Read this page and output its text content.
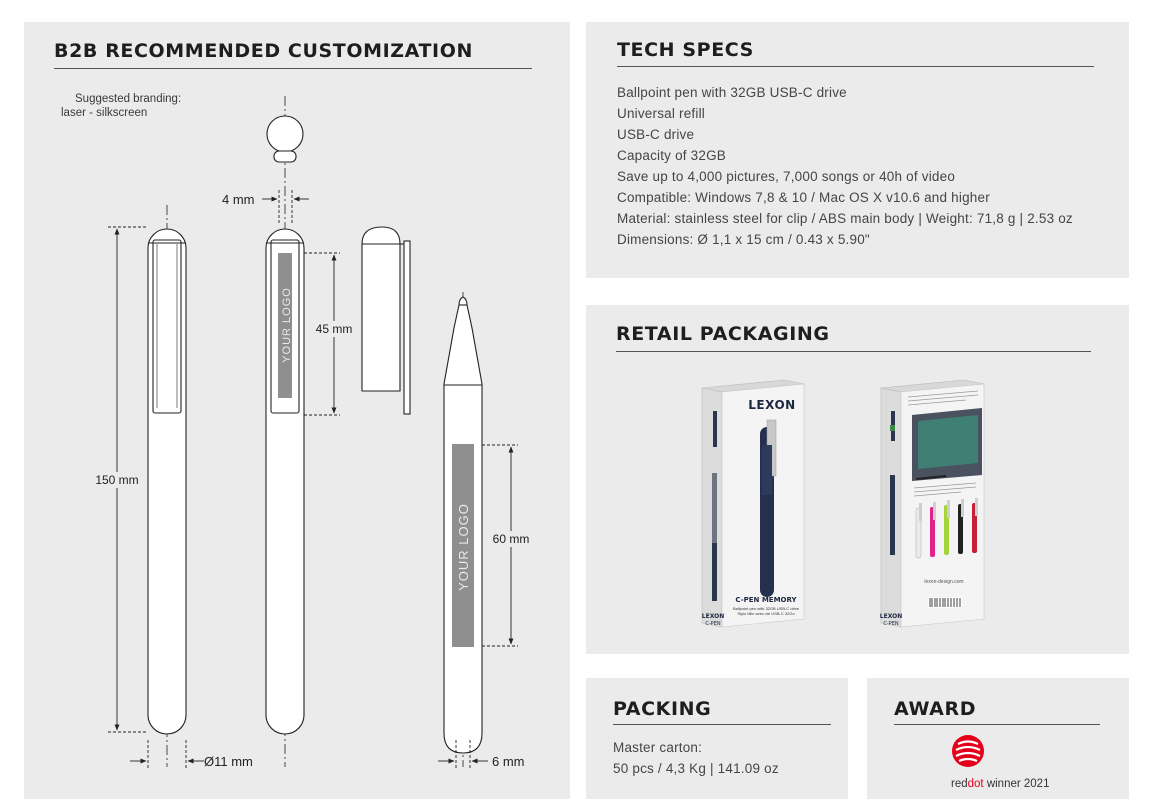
B2B RECOMMENDED CUSTOMIZATION
Suggested branding:
laser - silkscreen
150 mm
Ø11 mm
YOUR LOGO
4 mm
45 mm
YOUR LOGO 60 mm
6 mm
TECH SPECS
Ballpoint pen with 32GB USB-C drive
Universal refill
USB-C drive
Capacity of 32GB
Save up to 4,000 pictures, 7,000 songs or 40h of video
Compatible: Windows 7,8 & 10 / Mac OS X v10.6 and higher
Material: stainless steel for clip / ABS main body | Weight: 71,8 g | 2.53 oz
Dimensions: Ø 1,1 x 15 cm / 0.43 x 5.90"
RETAIL PACKAGING
LEXON
C-PEN MEMORY
Ballpoint pen with 32GB USB-C drive
Stylo bille avec clé USB-C 32Go
LEXON
C-PEN
lexon-design.com
LEXON
C-PEN
PACKING
Master carton:
50 pcs / 4,3 Kg | 141.09 oz
AWARD
reddot winner 2021
